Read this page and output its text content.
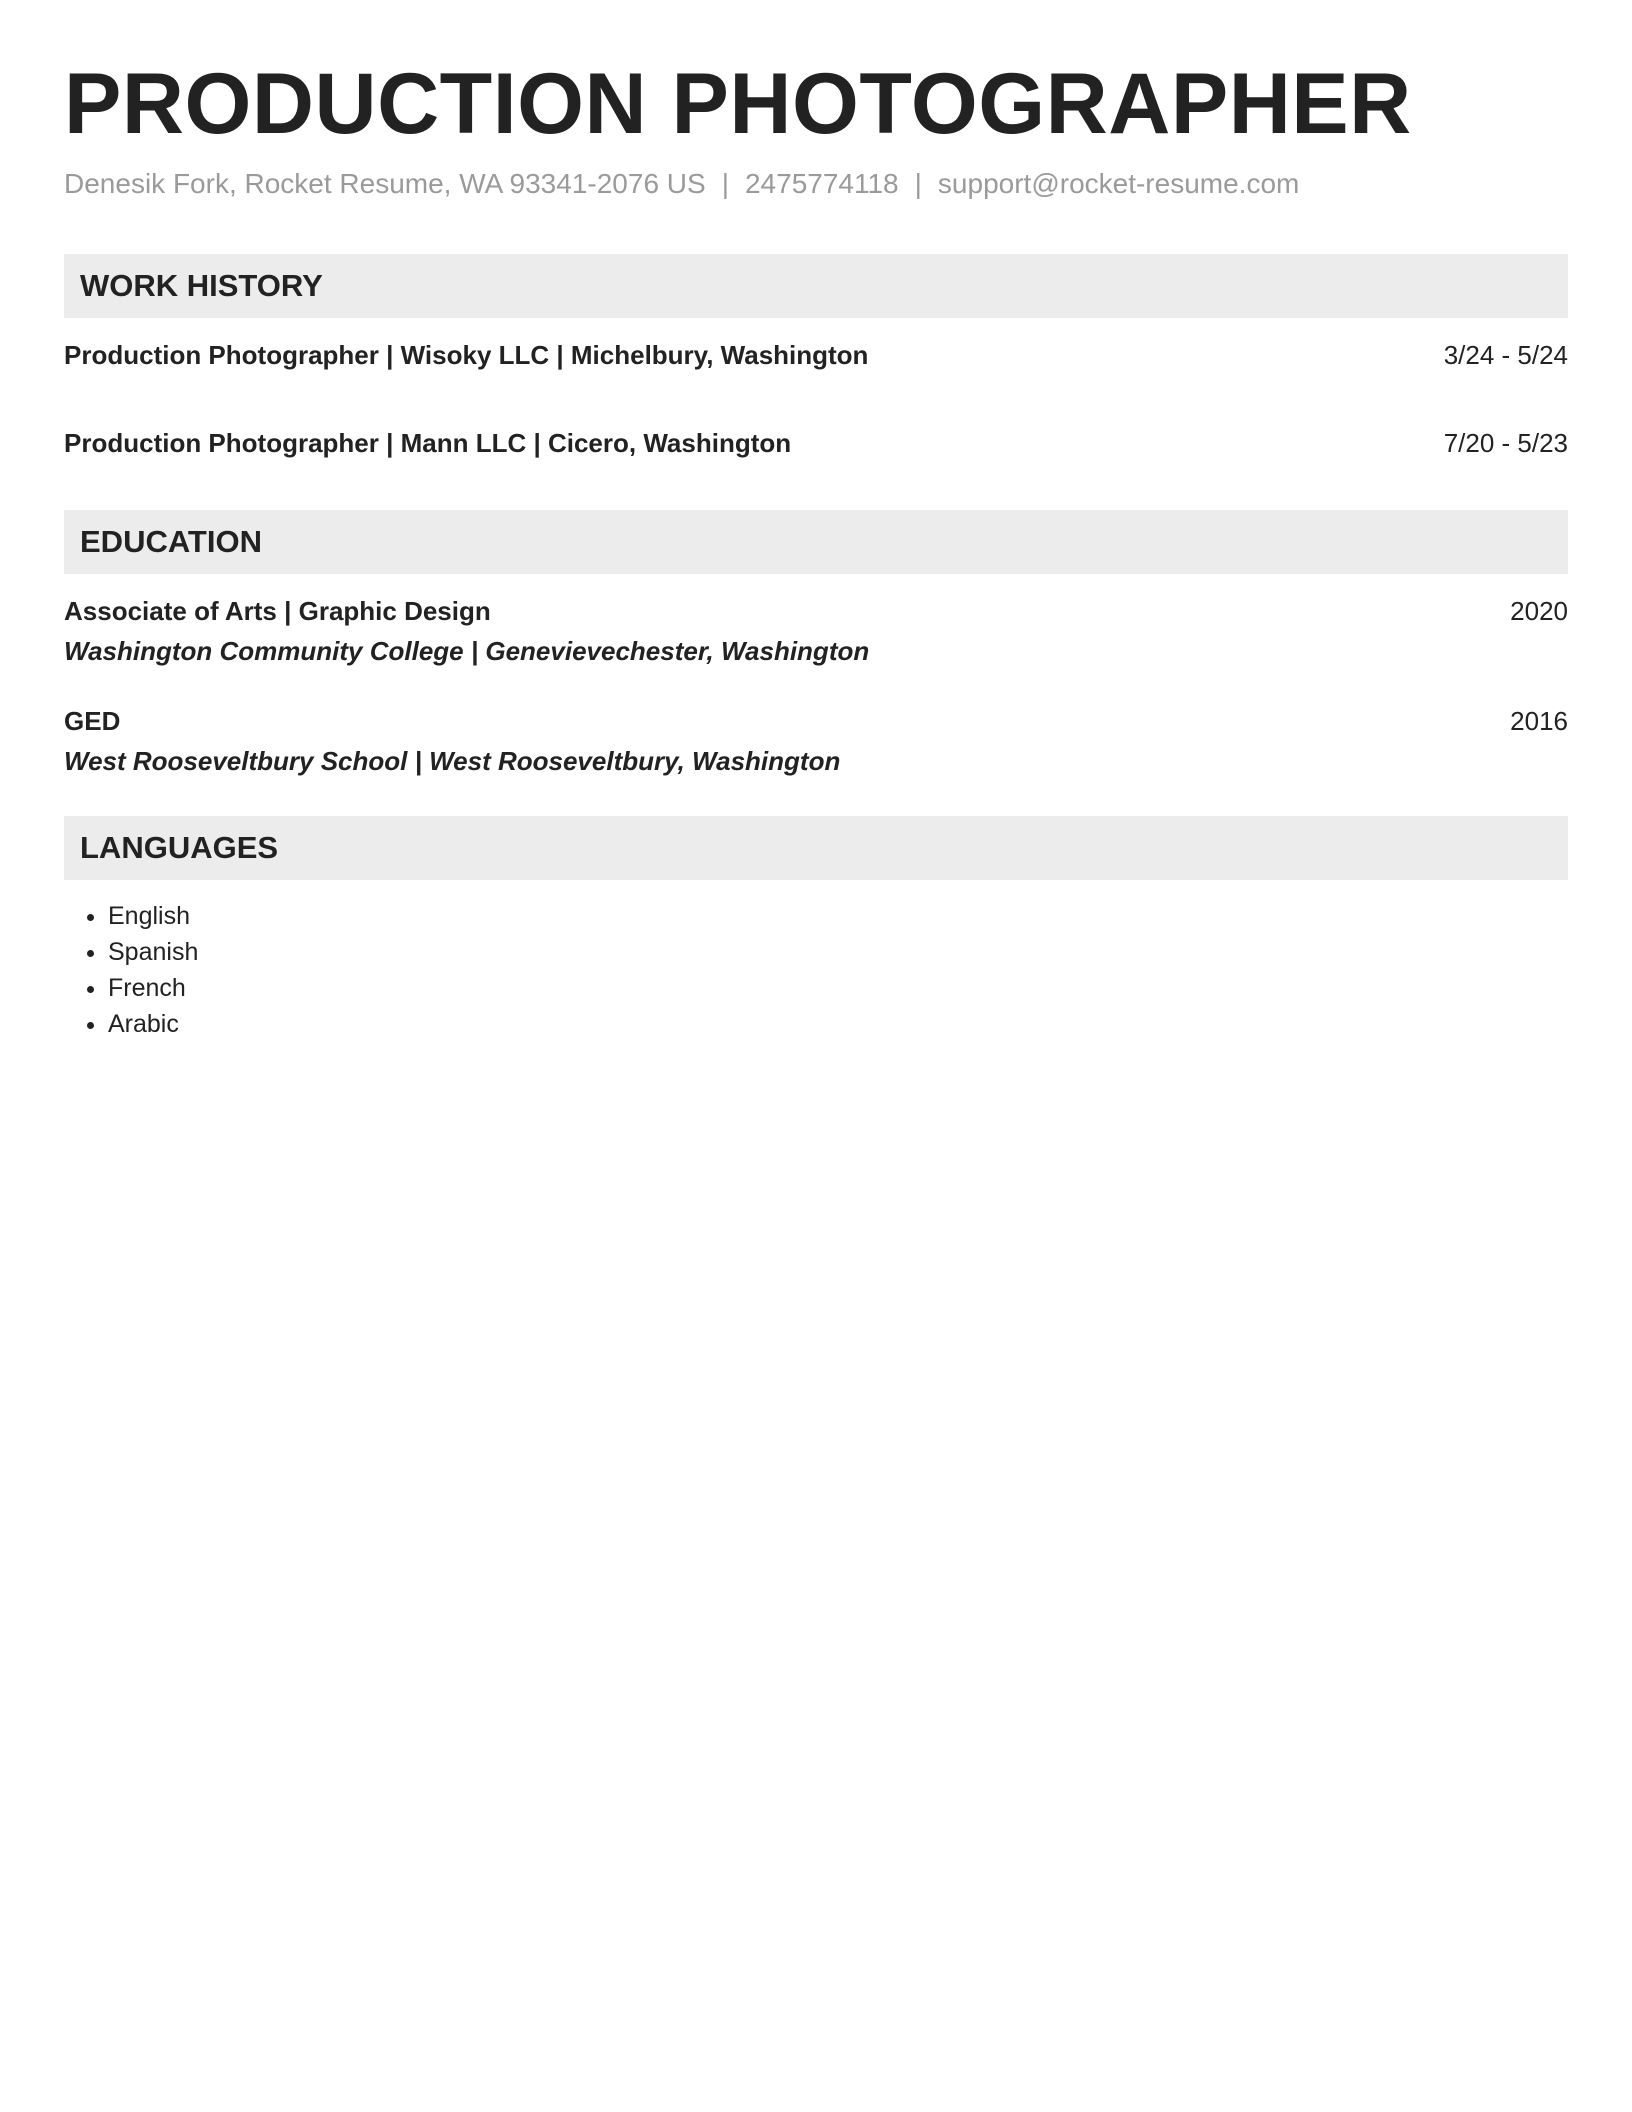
PRODUCTION PHOTOGRAPHER
Denesik Fork, Rocket Resume, WA 93341-2076 US | 2475774118 | support@rocket-resume.com
WORK HISTORY
Production Photographer | Wisoky LLC | Michelbury, Washington	3/24 - 5/24
Production Photographer | Mann LLC | Cicero, Washington	7/20 - 5/23
EDUCATION
Associate of Arts | Graphic Design	2020
Washington Community College | Genevievechester, Washington
GED	2016
West Rooseveltbury School | West Rooseveltbury, Washington
LANGUAGES
• English
• Spanish
• French
• Arabic
